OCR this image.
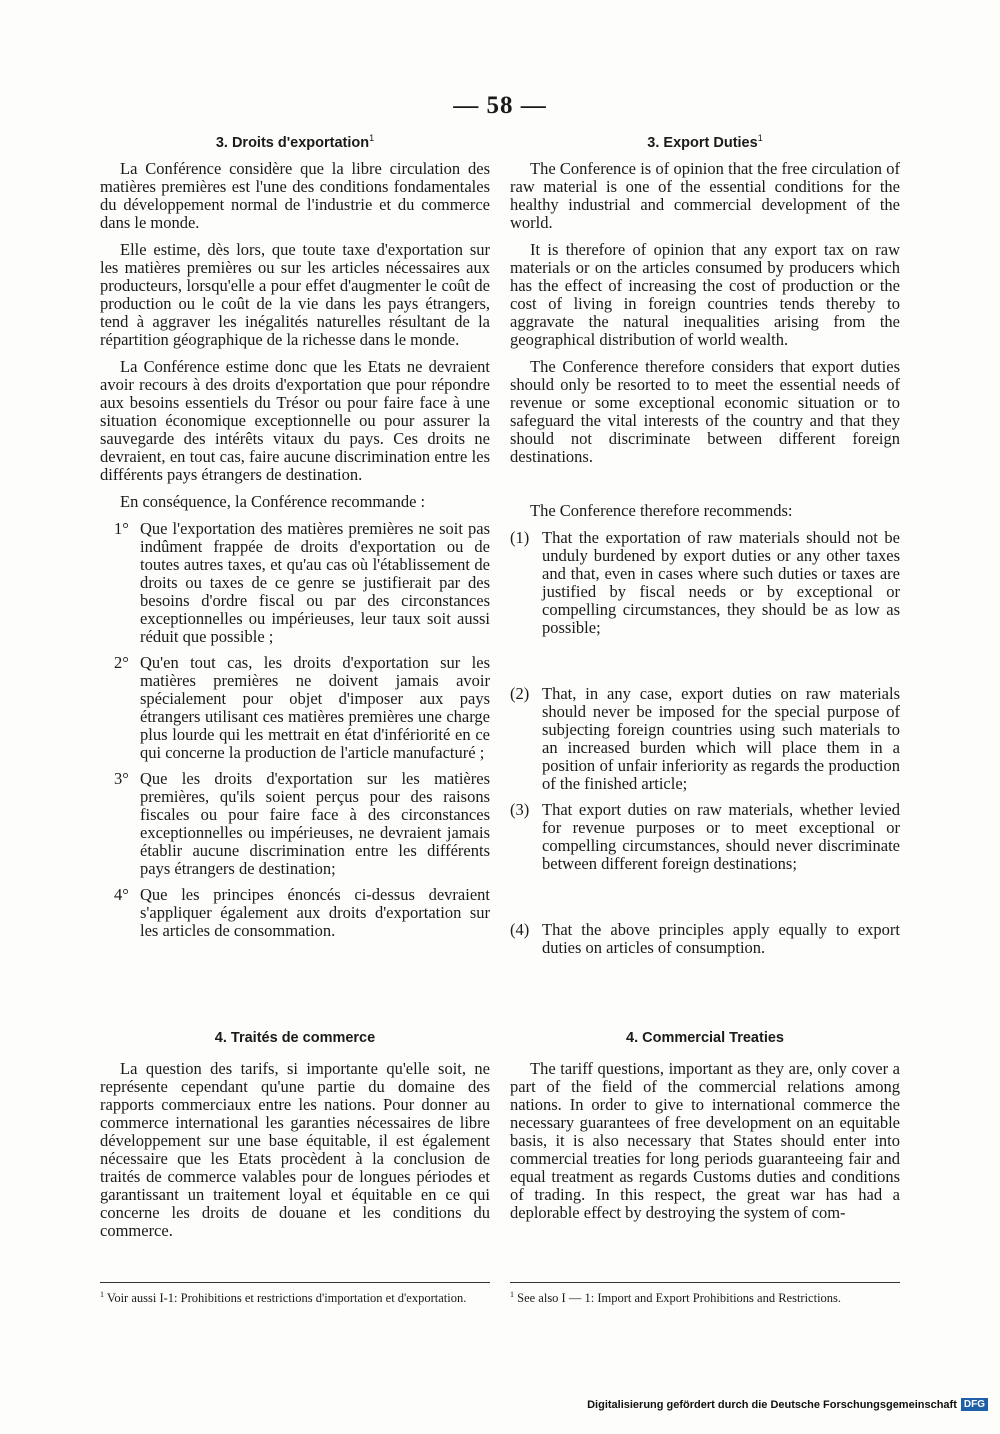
— 58 —
3. Droits d'exportation$^1$

La Conférence considère que la libre circulation des matières premières est l'une des conditions fondamentales du développement normal de l'industrie et du commerce dans le monde.

Elle estime, dès lors, que toute taxe d'exportation sur les matières premières ou sur les articles nécessaires aux producteurs, lorsqu'elle a pour effet d'augmenter le coût de production ou le coût de la vie dans les pays étrangers, tend à aggraver les inégalités naturelles résultant de la répartition géographique de la richesse dans le monde.

La Conférence estime donc que les Etats ne devraient avoir recours à des droits d'exportation que pour répondre aux besoins essentiels du Trésor ou pour faire face à une situation économique exceptionnelle ou pour assurer la sauvegarde des intérêts vitaux du pays. Ces droits ne devraient, en tout cas, faire aucune discrimination entre les différents pays étrangers de destination.

En conséquence, la Conférence recommande :

1° Que l'exportation des matières premières ne soit pas indûment frappée de droits d'exportation ou de toutes autres taxes, et qu'au cas où l'établissement de droits ou taxes de ce genre se justifierait par des besoins d'ordre fiscal ou par des circonstances exceptionnelles ou impérieuses, leur taux soit aussi réduit que possible ;
2° Qu'en tout cas, les droits d'exportation sur les matières premières ne doivent jamais avoir spécialement pour objet d'imposer aux pays étrangers utilisant ces matières premières une charge plus lourde qui les mettrait en état d'infériorité en ce qui concerne la production de l'article manufacturé ;
3° Que les droits d'exportation sur les matières premières, qu'ils soient perçus pour des raisons fiscales ou pour faire face à des circonstances exceptionnelles ou impérieuses, ne devraient jamais établir aucune discrimination entre les différents pays étrangers de destination;
4° Que les principes énoncés ci-dessus devraient s'appliquer également aux droits d'exportation sur les articles de consommation.
4. Traités de commerce

La question des tarifs, si importante qu'elle soit, ne représente cependant qu'une partie du domaine des rapports commerciaux entre les nations. Pour donner au commerce international les garanties nécessaires de libre développement sur une base équitable, il est également nécessaire que les Etats procèdent à la conclusion de traités de commerce valables pour de longues périodes et garantissant un traitement loyal et équitable en ce qui concerne les droits de douane et les conditions du commerce.

3. Export Duties$^1$

The Conference is of opinion that the free circulation of raw material is one of the essential conditions for the healthy industrial and commercial development of the world.

It is therefore of opinion that any export tax on raw materials or on the articles consumed by producers which has the effect of increasing the cost of production or the cost of living in foreign countries tends thereby to aggravate the natural inequalities arising from the geographical distribution of world wealth.

The Conference therefore considers that export duties should only be resorted to to meet the essential needs of revenue or some exceptional economic situation or to safeguard the vital interests of the country and that they should not discriminate between different foreign destinations.

The Conference therefore recommends:

(1) That the exportation of raw materials should not be unduly burdened by export duties or any other taxes and that, even in cases where such duties or taxes are justified by fiscal needs or by exceptional or compelling circumstances, they should be as low as possible;
(2) That, in any case, export duties on raw materials should never be imposed for the special purpose of subjecting foreign countries using such materials to an increased burden which will place them in a position of unfair inferiority as regards the production of the finished article;
(3) That export duties on raw materials, whether levied for revenue purposes or to meet exceptional or compelling circumstances, should never discriminate between different foreign destinations;
(4) That the above principles apply equally to export duties on articles of consumption.
4. Commercial Treaties

The tariff questions, important as they are, only cover a part of the field of the commercial relations among nations. In order to give to international commerce the necessary guarantees of free development on an equitable basis, it is also necessary that States should enter into commercial treaties for long periods guaranteeing fair and equal treatment as regards Customs duties and conditions of trading. In this respect, the great war has had a deplorable effect by destroying the system of com-

$^1$ Voir aussi I-1: Prohibitions et restrictions d'importation et d'exportation.	$^1$ See also I — 1: Import and Export Prohibitions and Restrictions.
Digitalisierung gefördert durch die Deutsche Forschungsgemeinschaft DFG
